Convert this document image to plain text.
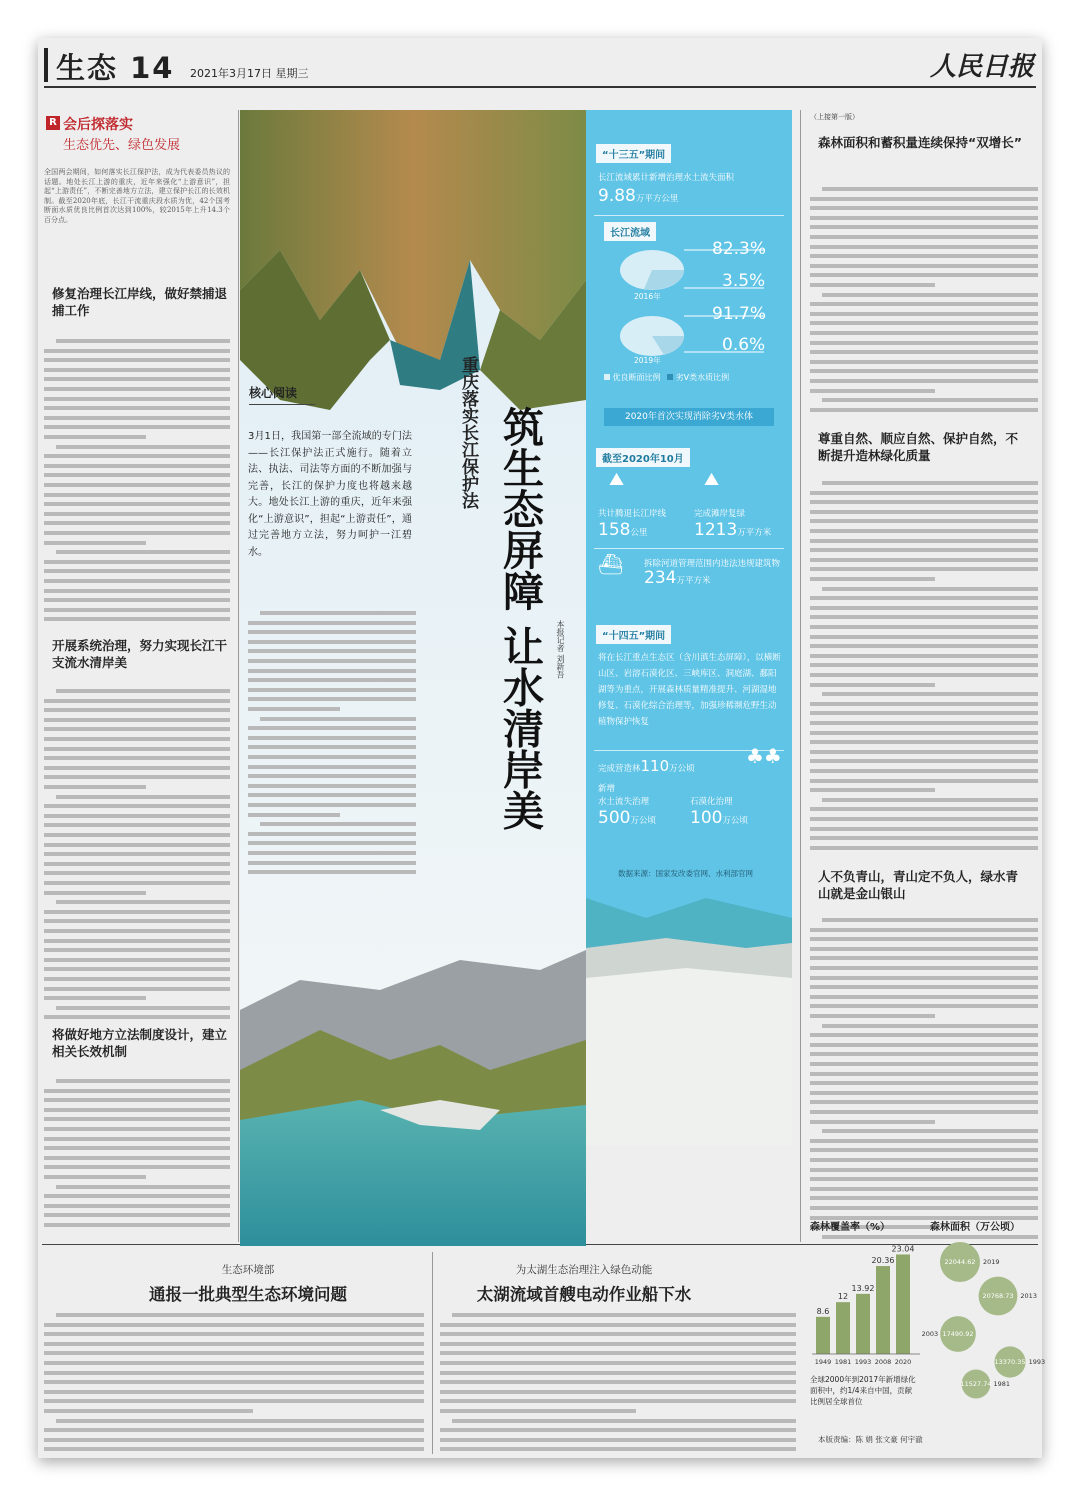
生态 14 2021年3月17日 星期三	人民日报
R 会后探落实
生态优先、绿色发展
全国两会期间，如何落实长江保护法，成为代表委员热议的话题。地处长江上游的重庆，近年来强化“上游意识”，担起“上游责任”，不断完善地方立法，建立保护长江的长效机制。截至2020年底，长江干流重庆段水质为优，42个国考断面水质优良比例首次达到100%，较2015年上升14.3个百分点。
修复治理长江岸线，做好禁捕退捕工作
开展系统治理，努力实现长江干支流水清岸美
将做好地方立法制度设计，建立相关长效机制
重庆落实长江保护法 筑生态屏障 让水清岸美 本报记者 刘新吾
核心阅读
3月1日，我国第一部全流域的专门法——长江保护法正式施行。随着立法、执法、司法等方面的不断加强与完善，长江的保护力度也将越来越大。地处长江上游的重庆，近年来强化“上游意识”，担起“上游责任”，通过完善地方立法，努力呵护一江碧水。
“十三五”期间
长江流域累计新增治理水土流失面积
9.88万平方公里
长江流域
82.3%
3.5%
2016年
91.7%
0.6%
2019年
优良断面比例 劣V类水质比例
2020年首次实现消除劣V类水体
截至2020年10月
⛰	⛰
共计腾退长江岸线
158公里
完成滩岸复绿
1213万平方米
⛴ 拆除河道管理范围内违法违规建筑物
234万平方米
“十四五”期间
将在长江重点生态区（含川滇生态屏障），以横断山区、岩溶石漠化区、三峡库区、洞庭湖、鄱阳湖等为重点，开展森林质量精准提升、河湖湿地修复、石漠化综合治理等，加强珍稀濒危野生动植物保护恢复
完成营造林110万公顷
♣♣
新增
水土流失治理
500万公顷
石漠化治理
100万公顷
数据来源：国家发改委官网、水利部官网
（上接第一版）
森林面积和蓄积量连续保持“双增长”
尊重自然、顺应自然、保护自然，不断提升造林绿化质量
人不负青山，青山定不负人，绿水青山就是金山银山
生态环境部
通报一批典型生态环境问题
为太湖生态治理注入绿色动能
太湖流域首艘电动作业船下水
森林覆盖率（%）	森林面积（万公顷）
8.6
1949
12
1981
13.92
1993
20.36
2008
23.04
2020
22044.62 2019
20768.73 2013
17490.92
2003
13370.35 1993
11527.74 1981
全球2000年到2017年新增绿化面积中，约1/4来自中国，贡献比例居全球首位
本版责编：陈 娟 张文豪 何宇澈
